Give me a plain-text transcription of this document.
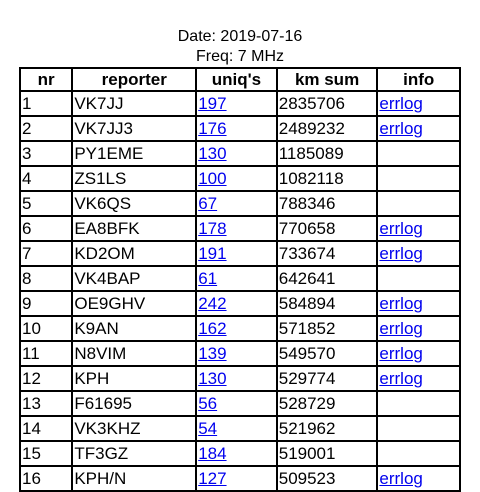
Date: 2019-07-16
Freq: 7 MHz
nr	reporter	uniq's	km sum	info
1	VK7JJ	197	2835706	errlog
2	VK7JJ3	176	2489232	errlog
3	PY1EME	130	1185089	
4	ZS1LS	100	1082118	
5	VK6QS	67	788346	
6	EA8BFK	178	770658	errlog
7	KD2OM	191	733674	errlog
8	VK4BAP	61	642641	
9	OE9GHV	242	584894	errlog
10	K9AN	162	571852	errlog
11	N8VIM	139	549570	errlog
12	KPH	130	529774	errlog
13	F61695	56	528729	
14	VK3KHZ	54	521962	
15	TF3GZ	184	519001	
16	KPH/N	127	509523	errlog
